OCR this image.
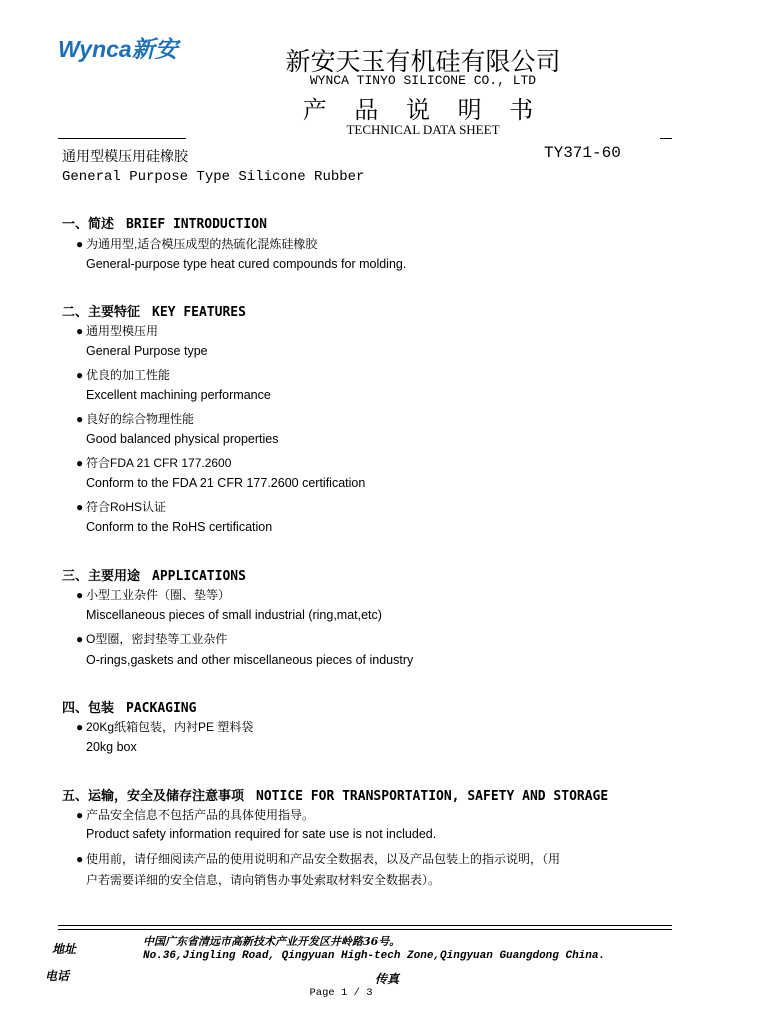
Wynca新安	新安天玉有机硅有限公司
WYNCA TINYO SILICONE CO., LTD
产 品 说 明 书
TECHNICAL DATA SHEET
通用型模压用硅橡胶	TY371-60
General Purpose Type Silicone Rubber
一、简述 BRIEF INTRODUCTION
● 为通用型,适合模压成型的热硫化混炼硅橡胶
General-purpose type heat cured compounds for molding.
二、主要特征 KEY FEATURES
● 通用型模压用
General Purpose type
● 优良的加工性能
Excellent machining performance
● 良好的综合物理性能
Good balanced physical properties
● 符合FDA 21 CFR 177.2600
Conform to the FDA 21 CFR 177.2600 certification
● 符合RoHS认证
Conform to the RoHS certification
三、主要用途 APPLICATIONS
● 小型工业杂件（圈、垫等）
Miscellaneous pieces of small industrial (ring,mat,etc)
● O型圈，密封垫等工业杂件
O-rings,gaskets and other miscellaneous pieces of industry
四、包装 PACKAGING
● 20Kg纸箱包装，内衬PE 塑料袋
20kg box
五、运输，安全及储存注意事项 NOTICE FOR TRANSPORTATION, SAFETY AND STORAGE
● 产品安全信息不包括产品的具体使用指导。
Product safety information required for sate use is not included.
● 使用前，请仔细阅读产品的使用说明和产品安全数据表，以及产品包装上的指示说明，（用
户若需要详细的安全信息，请向销售办事处索取材料安全数据表）。
地址
中国广东省清远市高新技术产业开发区井岭路36号。
No.36,Jingling Road, Qingyuan High-tech Zone,Qingyuan Guangdong China.
电话	传真
Page 1 / 3
